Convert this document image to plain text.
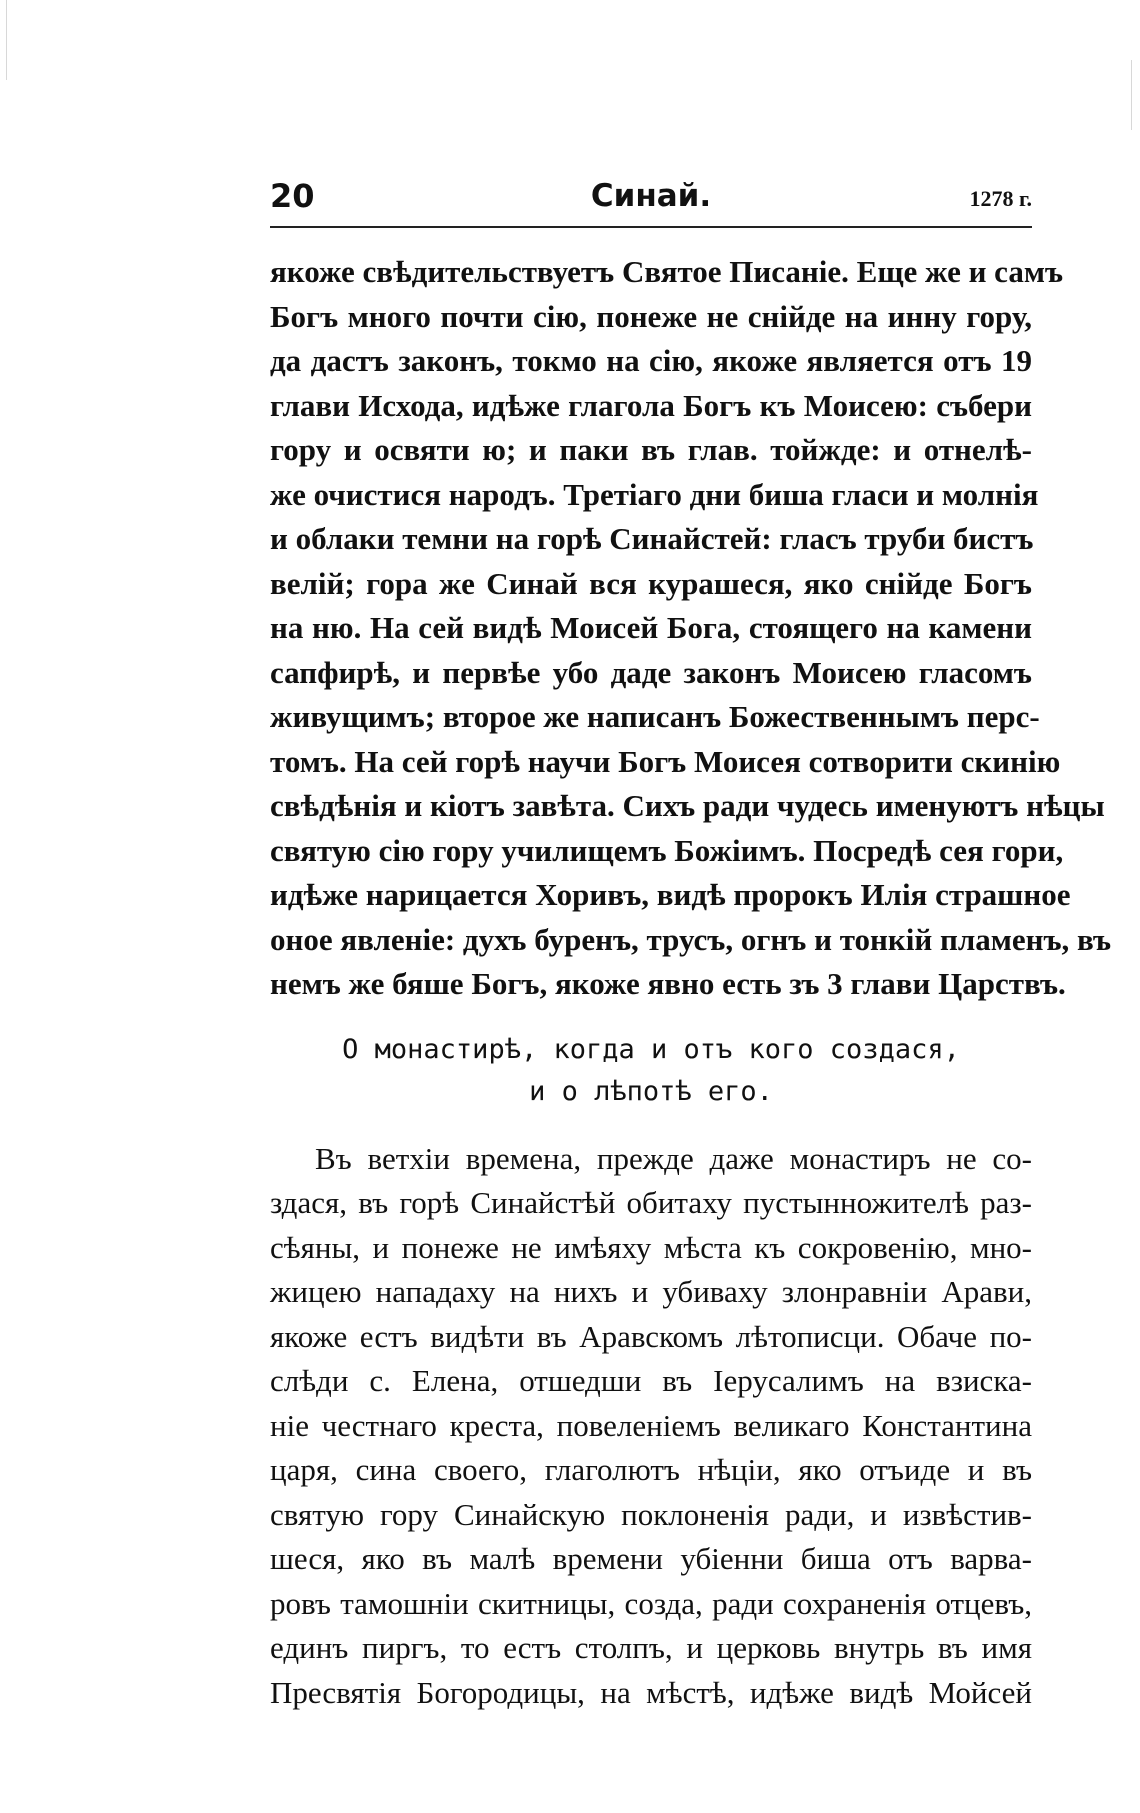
20	Синай.	1278 г.
якоже свѣдительствуетъ Святое Писаніе. Еще же и самъ
Богъ много почти сію, понеже не снійде на инну гору,
да дастъ законъ, токмо на сію, якоже является отъ 19
глави Исхода, идѣже глагола Богъ къ Моисею: събери
гору и освяти ю; и паки въ глав. тойжде: и отнелѣ-
же очистися народъ. Третіаго дни биша гласи и молнія
и облаки темни на горѣ Синайстей: гласъ труби бистъ
велій; гора же Синай вся курашеся, яко снійде Богъ
на ню. На сей видѣ Моисей Бога, стоящего на камени
сапфирѣ, и первѣе убо даде законъ Моисею гласомъ
живущимъ; второе же написанъ Божественнымъ перс-
томъ. На сей горѣ научи Богъ Моисея сотворити скинію
свѣдѣнія и кіотъ завѣта. Сихъ ради чудесь именуютъ нѣцы
святую сію гору училищемъ Божіимъ. Посредѣ сея гори,
идѣже нарицается Хоривъ, видѣ пророкъ Илія страшное
оное явленіе: духъ буренъ, трусъ, огнъ и тонкій пламенъ, въ
немъ же бяше Богъ, якоже явно есть зъ 3 глави Царствъ.
О монастирѣ, когда и отъ кого создася,
и о лѣпотѣ его.
Въ ветхіи времена, прежде даже монастиръ не со-
здася, въ горѣ Синайстѣй обитаху пустынножителѣ раз-
сѣяны, и понеже не имѣяху мѣста къ сокровенію, мно-
жицею нападаху на нихъ и убиваху злонравніи Арави,
якоже естъ видѣти въ Аравскомъ лѣтописци. Обаче по-
слѣди с. Елена, отшедши въ Іерусалимъ на взиска-
ніе честнаго креста, повеленіемъ великаго Константина
царя, сина своего, глаголютъ нѣціи, яко отъиде и въ
святую гору Синайскую поклоненія ради, и извѣстив-
шеся, яко въ малѣ времени убіенни биша отъ варва-
ровъ тамошніи скитницы, созда, ради сохраненія отцевъ,
единъ пиргъ, то естъ столпъ, и церковь внутрь въ имя
Пресвятія Богородицы, на мѣстѣ, идѣже видѣ Мойсей
